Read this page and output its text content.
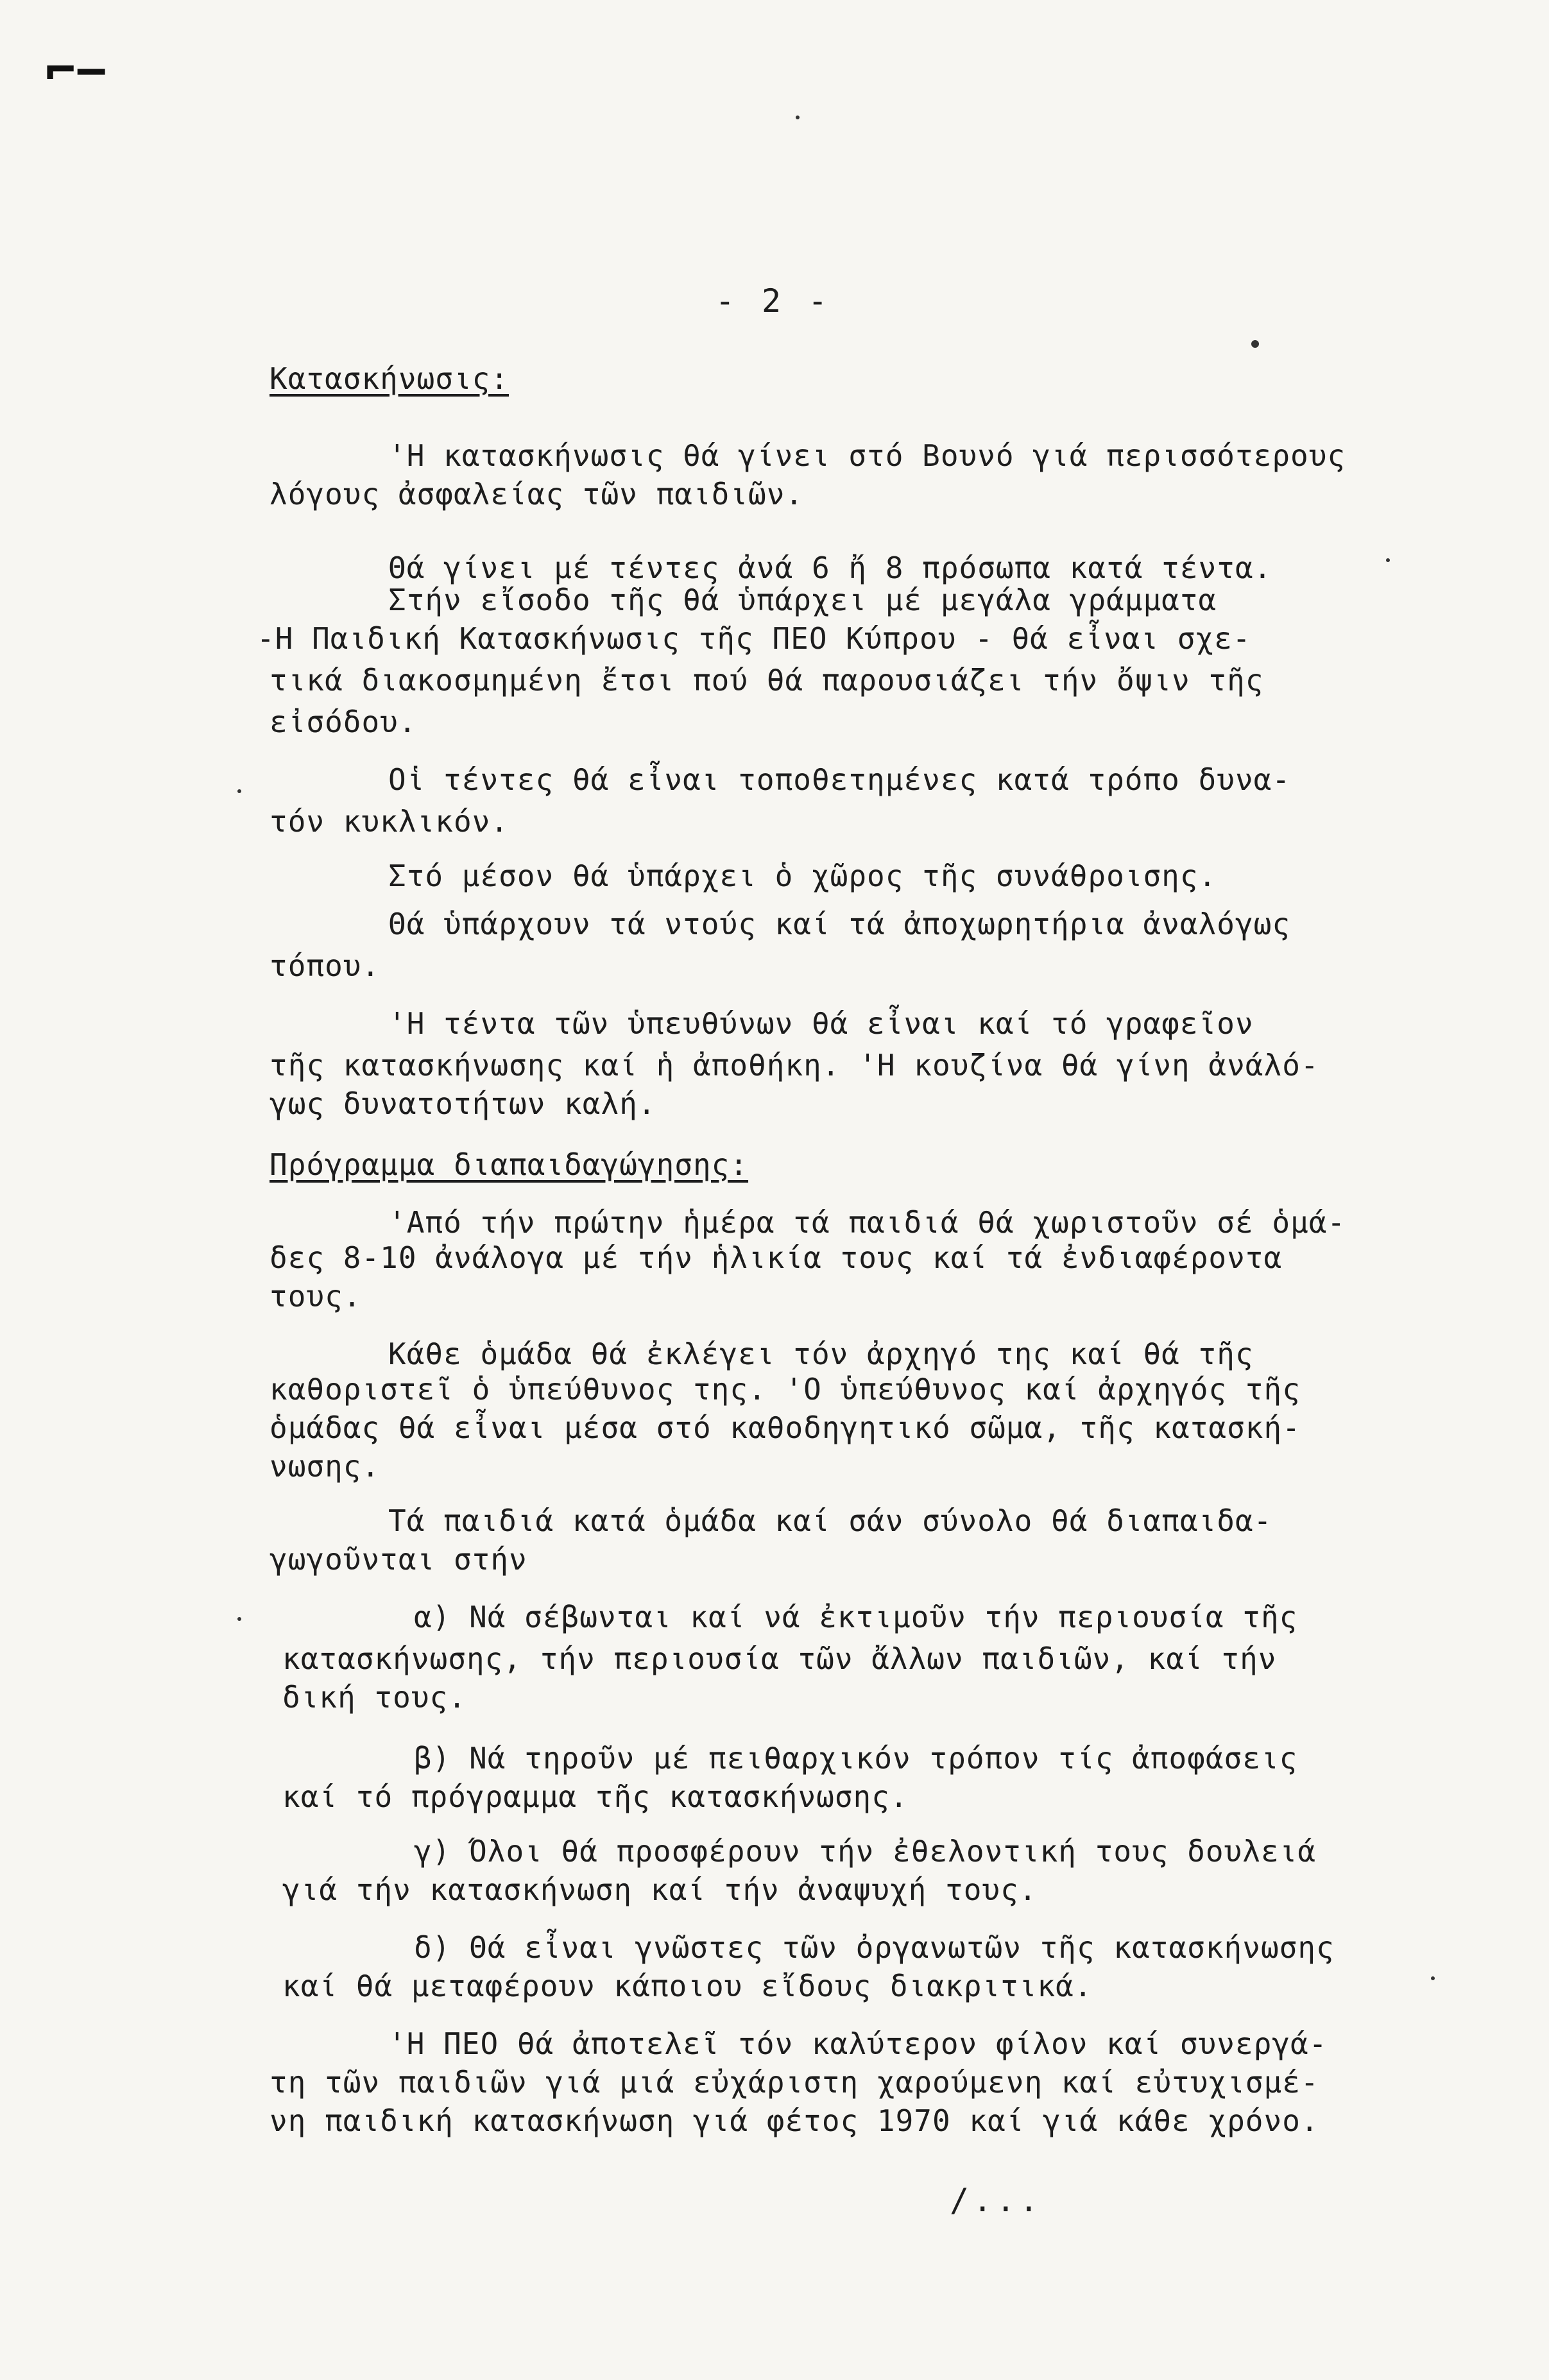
⌐−
- 2 -
Κατασκήνωσις:
'Η κατασκήνωσις θά γίνει στό Βουνό γιά περισσότερους
λόγους ἀσφαλείας τῶν παιδιῶν.
Θά γίνει μέ τέντες ἀνά 6 ἤ 8 πρόσωπα κατά τέντα.
Στήν εἴσοδο τῆς θά ὑπάρχει μέ μεγάλα γράμματα
-Η Παιδική Κατασκήνωσις τῆς ΠΕΟ Κύπρου - θά εἶναι σχε-
τικά διακοσμημένη ἔτσι πού θά παρουσιάζει τήν ὄψιν τῆς
εἰσόδου.
Οἱ τέντες θά εἶναι τοποθετημένες κατά τρόπο δυνα-
τόν κυκλικόν.
Στό μέσον θά ὑπάρχει ὁ χῶρος τῆς συνάθροισης.
Θά ὑπάρχουν τά ντούς καί τά ἀποχωρητήρια ἀναλόγως
τόπου.
'Η τέντα τῶν ὑπευθύνων θά εἶναι καί τό γραφεῖον
τῆς κατασκήνωσης καί ἡ ἀποθήκη. 'Η κουζίνα θά γίνη ἀνάλό-
γως δυνατοτήτων καλή.
Πρόγραμμα διαπαιδαγώγησης:
'Από τήν πρώτην ἡμέρα τά παιδιά θά χωριστοῦν σέ ὁμά-
δες 8-10 ἀνάλογα μέ τήν ἡλικία τους καί τά ἐνδιαφέροντα
τους.
Κάθε ὁμάδα θά ἐκλέγει τόν ἀρχηγό της καί θά τῆς
καθοριστεῖ ὁ ὑπεύθυνος της. 'Ο ὑπεύθυνος καί ἀρχηγός τῆς
ὁμάδας θά εἶναι μέσα στό καθοδηγητικό σῶμα, τῆς κατασκή-
νωσης.
Τά παιδιά κατά ὁμάδα καί σάν σύνολο θά διαπαιδα-
γωγοῦνται στήν
α) Νά σέβωνται καί νά ἐκτιμοῦν τήν περιουσία τῆς
κατασκήνωσης, τήν περιουσία τῶν ἄλλων παιδιῶν, καί τήν
δική τους.
β) Νά τηροῦν μέ πειθαρχικόν τρόπον τίς ἀποφάσεις
καί τό πρόγραμμα τῆς κατασκήνωσης.
γ) Όλοι θά προσφέρουν τήν ἐθελοντική τους δουλειά
γιά τήν κατασκήνωση καί τήν ἀναψυχή τους.
δ) Θά εἶναι γνῶστες τῶν ὀργανωτῶν τῆς κατασκήνωσης
καί θά μεταφέρουν κάποιου εἴδους διακριτικά.
'Η ΠΕΟ θά ἀποτελεῖ τόν καλύτερον φίλον καί συνεργά-
τη τῶν παιδιῶν γιά μιά εὐχάριστη χαρούμενη καί εὐτυχισμέ-
νη παιδική κατασκήνωση γιά φέτος 1970 καί γιά κάθε χρόνο.
/...
